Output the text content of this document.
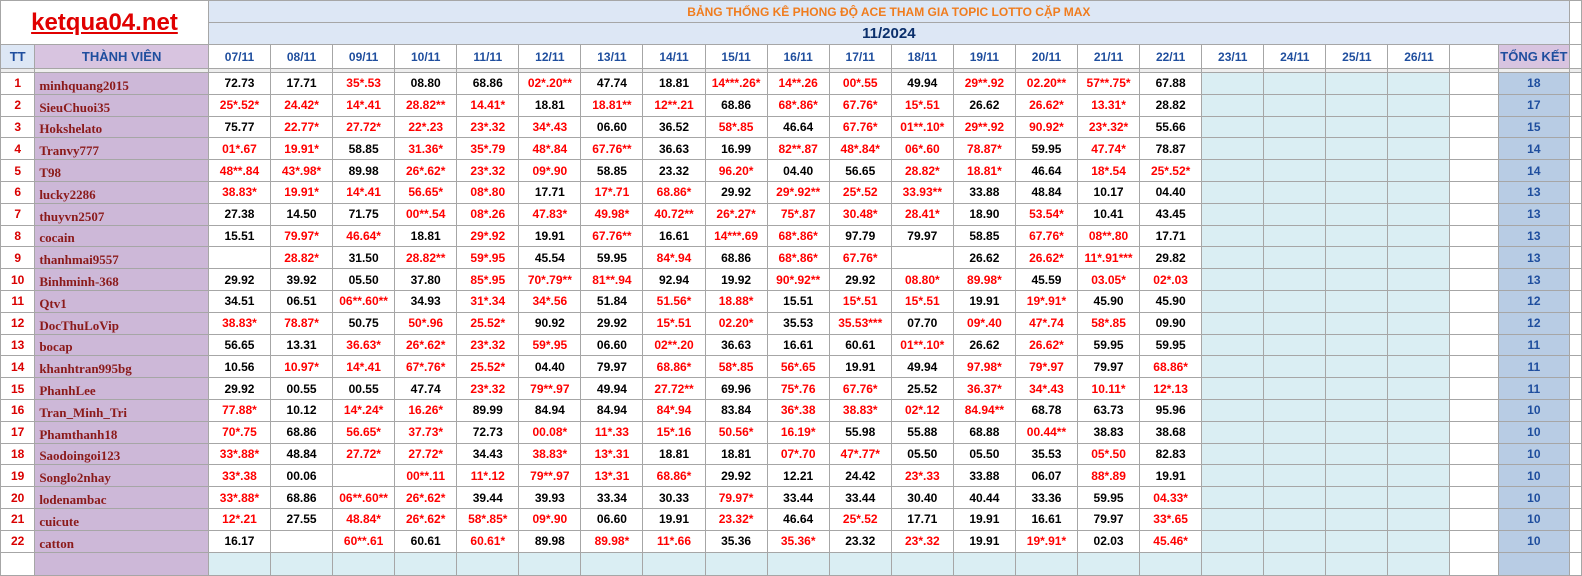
ketqua04.net		BẢNG THỐNG KÊ PHONG ĐỘ ACE THAM GIA TOPIC LOTTO CẶP MAX																						
		11/2024																						
TT	THÀNH VIÊN	07/11	08/11	09/11	10/11	11/11	12/11	13/11	14/11	15/11	16/11	17/11	18/11	19/11	20/11	21/11	22/11	23/11	24/11	25/11	26/11		TỔNG KẾT	

1	minhquang2015	72.73	17.71	35*.53	08.80	68.86	02*.20**	47.74	18.81	14***.26*	14**.26	00*.55	49.94	29**.92	02.20**	57**.75*	67.88						18	
2	SieuChuoi35	25*.52*	24.42*	14*.41	28.82**	14.41*	18.81	18.81**	12**.21	68.86	68*.86*	67.76*	15*.51	26.62	26.62*	13.31*	28.82						17	
3	Hokshelato	75.77	22.77*	27.72*	22*.23	23*.32	34*.43	06.60	36.52	58*.85	46.64	67.76*	01**.10*	29**.92	90.92*	23*.32*	55.66						15	
4	Tranvy777	01*.67	19.91*	58.85	31.36*	35*.79	48*.84	67.76**	36.63	16.99	82**.87	48*.84*	06*.60	78.87*	59.95	47.74*	78.87						14	
5	T98	48**.84	43*.98*	89.98	26*.62*	23*.32	09*.90	58.85	23.32	96.20*	04.40	56.65	28.82*	18.81*	46.64	18*.54	25*.52*						14	
6	lucky2286	38.83*	19.91*	14*.41	56.65*	08*.80	17.71	17*.71	68.86*	29.92	29*.92**	25*.52	33.93**	33.88	48.84	10.17	04.40						13	
7	thuyvn2507	27.38	14.50	71.75	00**.54	08*.26	47.83*	49.98*	40.72**	26*.27*	75*.87	30.48*	28.41*	18.90	53.54*	10.41	43.45						13	
8	cocain	15.51	79.97*	46.64*	18.81	29*.92	19.91	67.76**	16.61	14***.69	68*.86*	97.79	79.97	58.85	67.76*	08**.80	17.71						13	
9	thanhmai9557		28.82*	31.50	28.82**	59*.95	45.54	59.95	84*.94	68.86	68*.86*	67.76*		26.62	26.62*	11*.91***	29.82						13	
10	Binhminh-368	29.92	39.92	05.50	37.80	85*.95	70*.79**	81**.94	92.94	19.92	90*.92**	29.92	08.80*	89.98*	45.59	03.05*	02*.03						13	
11	Qtv1	34.51	06.51	06**.60**	34.93	31*.34	34*.56	51.84	51.56*	18.88*	15.51	15*.51	15*.51	19.91	19*.91*	45.90	45.90						12	
12	DocThuLoVip	38.83*	78.87*	50.75	50*.96	25.52*	90.92	29.92	15*.51	02.20*	35.53	35.53***	07.70	09*.40	47*.74	58*.85	09.90						12	
13	bocap	56.65	13.31	36.63*	26*.62*	23*.32	59*.95	06.60	02**.20	36.63	16.61	60.61	01**.10*	26.62	26.62*	59.95	59.95						11	
14	khanhtran995bg	10.56	10.97*	14*.41	67*.76*	25.52*	04.40	79.97	68.86*	58*.85	56*.65	19.91	49.94	97.98*	79*.97	79.97	68.86*						11	
15	PhanhLee	29.92	00.55	00.55	47.74	23*.32	79**.97	49.94	27.72**	69.96	75*.76	67.76*	25.52	36.37*	34*.43	10.11*	12*.13						11	
16	Tran_Minh_Tri	77.88*	10.12	14*.24*	16.26*	89.99	84.94	84.94	84*.94	83.84	36*.38	38.83*	02*.12	84.94**	68.78	63.73	95.96						10	
17	Phamthanh18	70*.75	68.86	56.65*	37.73*	72.73	00.08*	11*.33	15*.16	50.56*	16.19*	55.98	55.88	68.88	00.44**	38.83	38.68						10	
18	Saodoingoi123	33*.88*	48.84	27.72*	27.72*	34.43	38.83*	13*.31	18.81	18.81	07*.70	47*.77*	05.50	05.50	35.53	05*.50	82.83						10	
19	Songlo2nhay	33*.38	00.06		00**.11	11*.12	79**.97	13*.31	68.86*	29.92	12.21	24.42	23*.33	33.88	06.07	88*.89	19.91						10	
20	lodenambac	33*.88*	68.86	06**.60**	26*.62*	39.44	39.93	33.34	30.33	79.97*	33.44	33.44	30.40	40.44	33.36	59.95	04.33*						10	
21	cuicute	12*.21	27.55	48.84*	26*.62*	58*.85*	09*.90	06.60	19.91	23.32*	46.64	25*.52	17.71	19.91	16.61	79.97	33*.65						10	
22	catton	16.17		60**.61	60.61	60.61*	89.98	89.98*	11*.66	35.36	35.36*	23.32	23*.32	19.91	19*.91*	02.03	45.46*						10	
